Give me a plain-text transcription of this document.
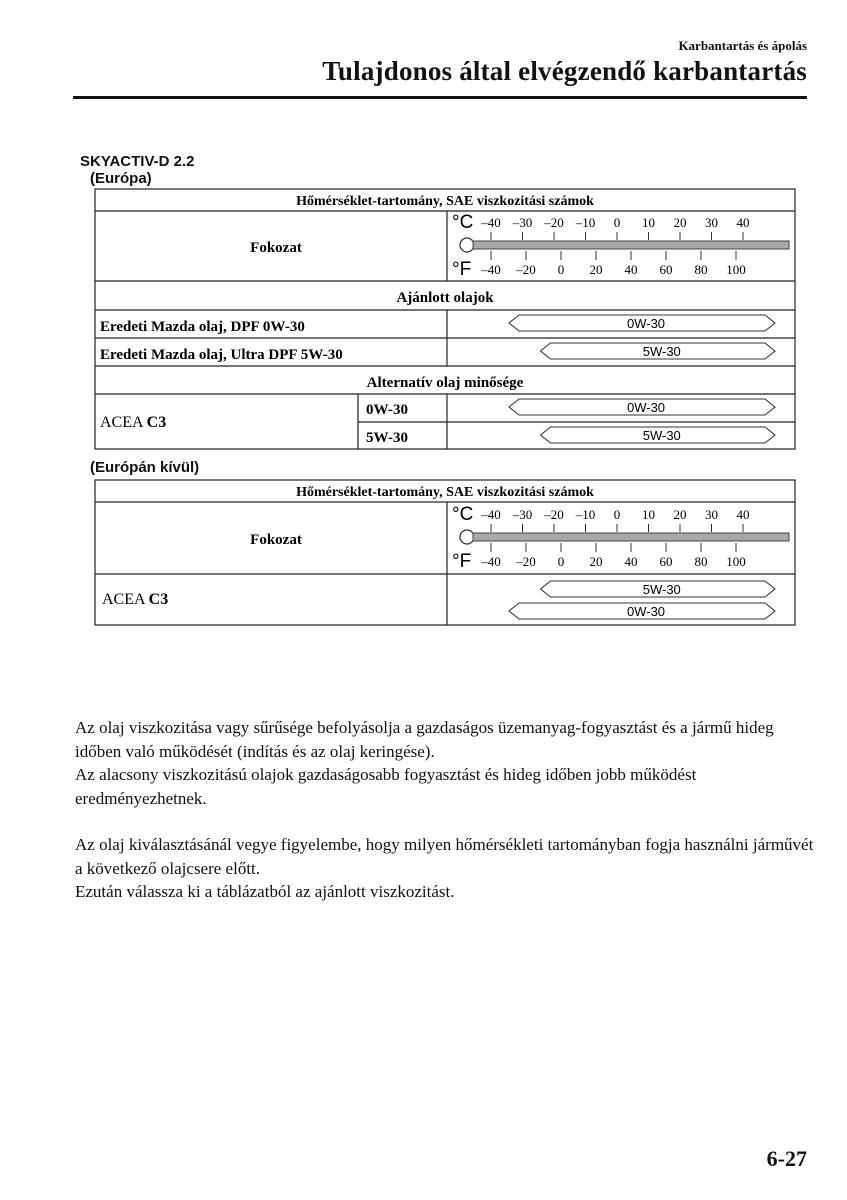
Karbantartás és ápolás
Tulajdonos által elvégzendő karbantartás
SKYACTIV-D 2.2
(Európa)
Hőmérséklet-tartomány, SAE viszkozitási számok
Fokozat
°C
°F
–40 –30 –20 –10 0 10 20 30 40
–40 –20 0 20 40 60 80 100
Ajánlott olajok
Eredeti Mazda olaj, DPF 0W-30
Eredeti Mazda olaj, Ultra DPF 5W-30
Alternatív olaj minősége
ACEA C3
0W-30
5W-30
0W-30
5W-30
0W-30
5W-30
(Európán kívül)
Hőmérséklet-tartomány, SAE viszkozitási számok
Fokozat
°C
°F
–40 –30 –20 –10 0 10 20 30 40
–40 –20 0 20 40 60 80 100
ACEA C3
5W-30
0W-30

Az olaj viszkozitása vagy sűrűsége befolyásolja a gazdaságos üzemanyag-fogyasztást és a jármű hideg időben való működését (indítás és az olaj keringése).

Az alacsony viszkozitású olajok gazdaságosabb fogyasztást és hideg időben jobb működést eredményezhetnek.

Az olaj kiválasztásánál vegye figyelembe, hogy milyen hőmérsékleti tartományban fogja használni járművét a következő olajcsere előtt.

Ezután válassza ki a táblázatból az ajánlott viszkozitást.

6-27
